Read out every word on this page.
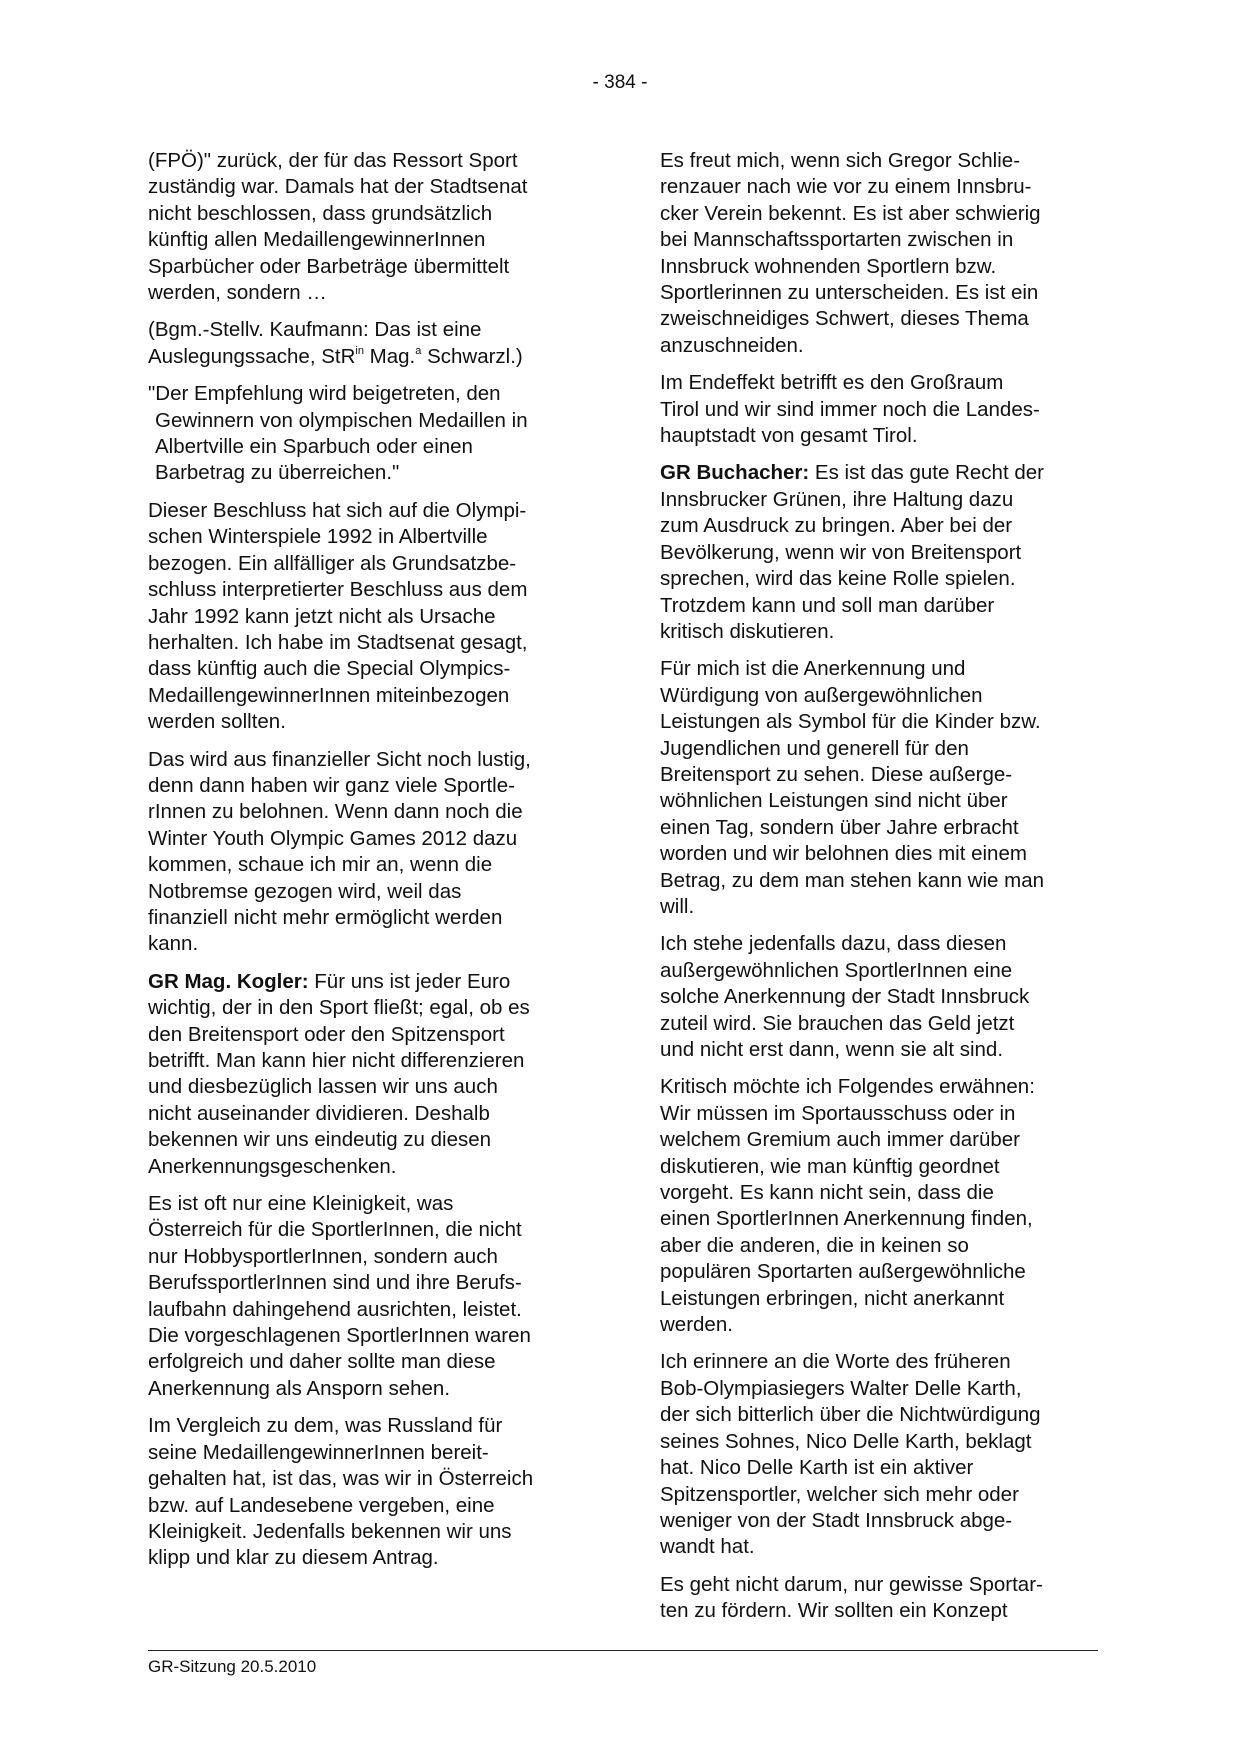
- 384 -

(FPÖ)" zurück, der für das Ressort Sport
zuständig war. Damals hat der Stadtsenat
nicht beschlossen, dass grundsätzlich
künftig allen MedaillengewinnerInnen
Sparbücher oder Barbeträge übermittelt
werden, sondern …

(Bgm.-Stellv. Kaufmann: Das ist eine
Auslegungssache, StR$^{in}$ Mag.$^a$ Schwarzl.)

"Der Empfehlung wird beigetreten, den
Gewinnern von olympischen Medaillen in
Albertville ein Sparbuch oder einen
Barbetrag zu überreichen."

Dieser Beschluss hat sich auf die Olympi-
schen Winterspiele 1992 in Albertville
bezogen. Ein allfälliger als Grundsatzbe-
schluss interpretierter Beschluss aus dem
Jahr 1992 kann jetzt nicht als Ursache
herhalten. Ich habe im Stadtsenat gesagt,
dass künftig auch die Special Olympics-
MedaillengewinnerInnen miteinbezogen
werden sollten.

Das wird aus finanzieller Sicht noch lustig,
denn dann haben wir ganz viele Sportle-
rInnen zu belohnen. Wenn dann noch die
Winter Youth Olympic Games 2012 dazu
kommen, schaue ich mir an, wenn die
Notbremse gezogen wird, weil das
finanziell nicht mehr ermöglicht werden
kann.

GR Mag. Kogler: Für uns ist jeder Euro
wichtig, der in den Sport fließt; egal, ob es
den Breitensport oder den Spitzensport
betrifft. Man kann hier nicht differenzieren
und diesbezüglich lassen wir uns auch
nicht auseinander dividieren. Deshalb
bekennen wir uns eindeutig zu diesen
Anerkennungsgeschenken.

Es ist oft nur eine Kleinigkeit, was
Österreich für die SportlerInnen, die nicht
nur HobbysportlerInnen, sondern auch
BerufssportlerInnen sind und ihre Berufs-
laufbahn dahingehend ausrichten, leistet.
Die vorgeschlagenen SportlerInnen waren
erfolgreich und daher sollte man diese
Anerkennung als Ansporn sehen.

Im Vergleich zu dem, was Russland für
seine MedaillengewinnerInnen bereit-
gehalten hat, ist das, was wir in Österreich
bzw. auf Landesebene vergeben, eine
Kleinigkeit. Jedenfalls bekennen wir uns
klipp und klar zu diesem Antrag.

Es freut mich, wenn sich Gregor Schlie-
renzauer nach wie vor zu einem Innsbru-
cker Verein bekennt. Es ist aber schwierig
bei Mannschaftssportarten zwischen in
Innsbruck wohnenden Sportlern bzw.
Sportlerinnen zu unterscheiden. Es ist ein
zweischneidiges Schwert, dieses Thema
anzuschneiden.

Im Endeffekt betrifft es den Großraum
Tirol und wir sind immer noch die Landes-
hauptstadt von gesamt Tirol.

GR Buchacher: Es ist das gute Recht der
Innsbrucker Grünen, ihre Haltung dazu
zum Ausdruck zu bringen. Aber bei der
Bevölkerung, wenn wir von Breitensport
sprechen, wird das keine Rolle spielen.
Trotzdem kann und soll man darüber
kritisch diskutieren.

Für mich ist die Anerkennung und
Würdigung von außergewöhnlichen
Leistungen als Symbol für die Kinder bzw.
Jugendlichen und generell für den
Breitensport zu sehen. Diese außerge-
wöhnlichen Leistungen sind nicht über
einen Tag, sondern über Jahre erbracht
worden und wir belohnen dies mit einem
Betrag, zu dem man stehen kann wie man
will.

Ich stehe jedenfalls dazu, dass diesen
außergewöhnlichen SportlerInnen eine
solche Anerkennung der Stadt Innsbruck
zuteil wird. Sie brauchen das Geld jetzt
und nicht erst dann, wenn sie alt sind.

Kritisch möchte ich Folgendes erwähnen:
Wir müssen im Sportausschuss oder in
welchem Gremium auch immer darüber
diskutieren, wie man künftig geordnet
vorgeht. Es kann nicht sein, dass die
einen SportlerInnen Anerkennung finden,
aber die anderen, die in keinen so
populären Sportarten außergewöhnliche
Leistungen erbringen, nicht anerkannt
werden.

Ich erinnere an die Worte des früheren
Bob-Olympiasiegers Walter Delle Karth,
der sich bitterlich über die Nichtwürdigung
seines Sohnes, Nico Delle Karth, beklagt
hat. Nico Delle Karth ist ein aktiver
Spitzensportler, welcher sich mehr oder
weniger von der Stadt Innsbruck abge-
wandt hat.

Es geht nicht darum, nur gewisse Sportar-
ten zu fördern. Wir sollten ein Konzept

GR-Sitzung 20.5.2010
